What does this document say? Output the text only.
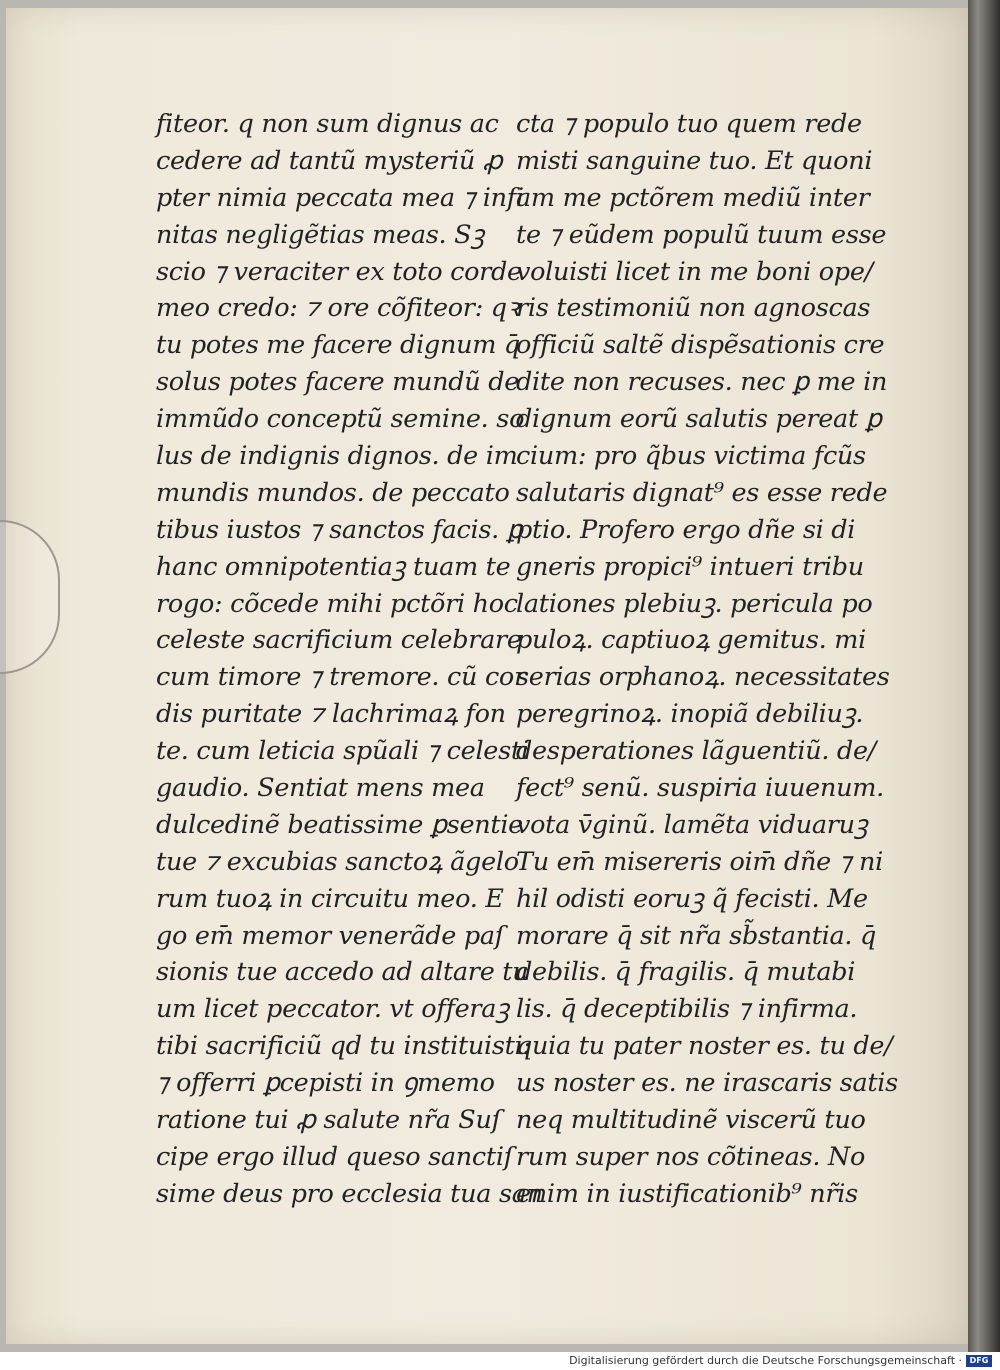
fiteor. q non sum dignus ac
cedere ad tantũ mysteriũ ꝓ
pter nimia peccata mea ⁊ infi
nitas negligẽtias meas. Sꝫ
scio ⁊ veraciter ex toto corde
meo credo: ⁊ ore cõfiteor: qꝛ
tu potes me facere dignum q̄
solus potes facere mundũ de
immũdo conceptũ semine. so
lus de indignis dignos. de im
mundis mundos. de peccato
tibus iustos ⁊ sanctos facis. ꝑ
hanc omnipotentiaꝫ tuam te
rogo: cõcede mihi pctõri hoc
celeste sacrificium celebrare
cum timore ⁊ tremore. cũ cor
dis puritate ⁊ lachrimaꝝ fon
te. cum leticia spũali ⁊ celesti
gaudio. Sentiat mens mea
dulcedinẽ beatissime ꝑsentie
tue ⁊ excubias sanctoꝝ ãgelo
rum tuoꝝ in circuitu meo. E
go em̄ memor venerãde paſ
sionis tue accedo ad altare tu
um licet peccator. vt offeraꝫ
tibi sacrificiũ qd tu instituisti:
⁊ offerri ꝑcepisti in ꝯmemo
ratione tui ꝓ salute nr̃a Suſ
cipe ergo illud queso sanctiſ
sime deus pro ecclesia tua san
cta ⁊ populo tuo quem rede
misti sanguine tuo. Et quoni
am me pctõrem mediũ inter
te ⁊ eũdem populũ tuum esse
voluisti licet in me boni ope/
ris testimoniũ non agnoscas
officiũ saltẽ dispẽsationis cre
dite non recuses. nec ꝑ me in
dignum eorũ salutis pereat ꝑ
cium: pro q̃bus victima fcũs
salutaris dignat⁹ es esse rede
ptio. Profero ergo dñe si di
gneris propici⁹ intueri tribu
lationes plebiuꝫ. pericula po
puloꝝ. captiuoꝝ gemitus. mi
serias orphanoꝝ. necessitates
peregrinoꝝ. inopiã debiliuꝫ.
desperationes lãguentiũ. de/
fect⁹ senũ. suspiria iuuenum.
vota v̄ginũ. lamẽta viduaruꝫ
Tu em̄ misereris oim̄ dñe ⁊ ni
hil odisti eoruꝫ q̃ fecisti. Me
morare q̄ sit nr̃a sb̃stantia. q̄
debilis. q̄ fragilis. q̄ mutabi
lis. q̄ deceptibilis ⁊ infirma.
quia tu pater noster es. tu de/
us noster es. ne irascaris satis
neq multitudinẽ viscerũ tuo
rum super nos cõtineas. No
enim in iustificationib⁹ nr̃is
Digitalisierung gefördert durch die Deutsche Forschungsgemeinschaft · DFG
